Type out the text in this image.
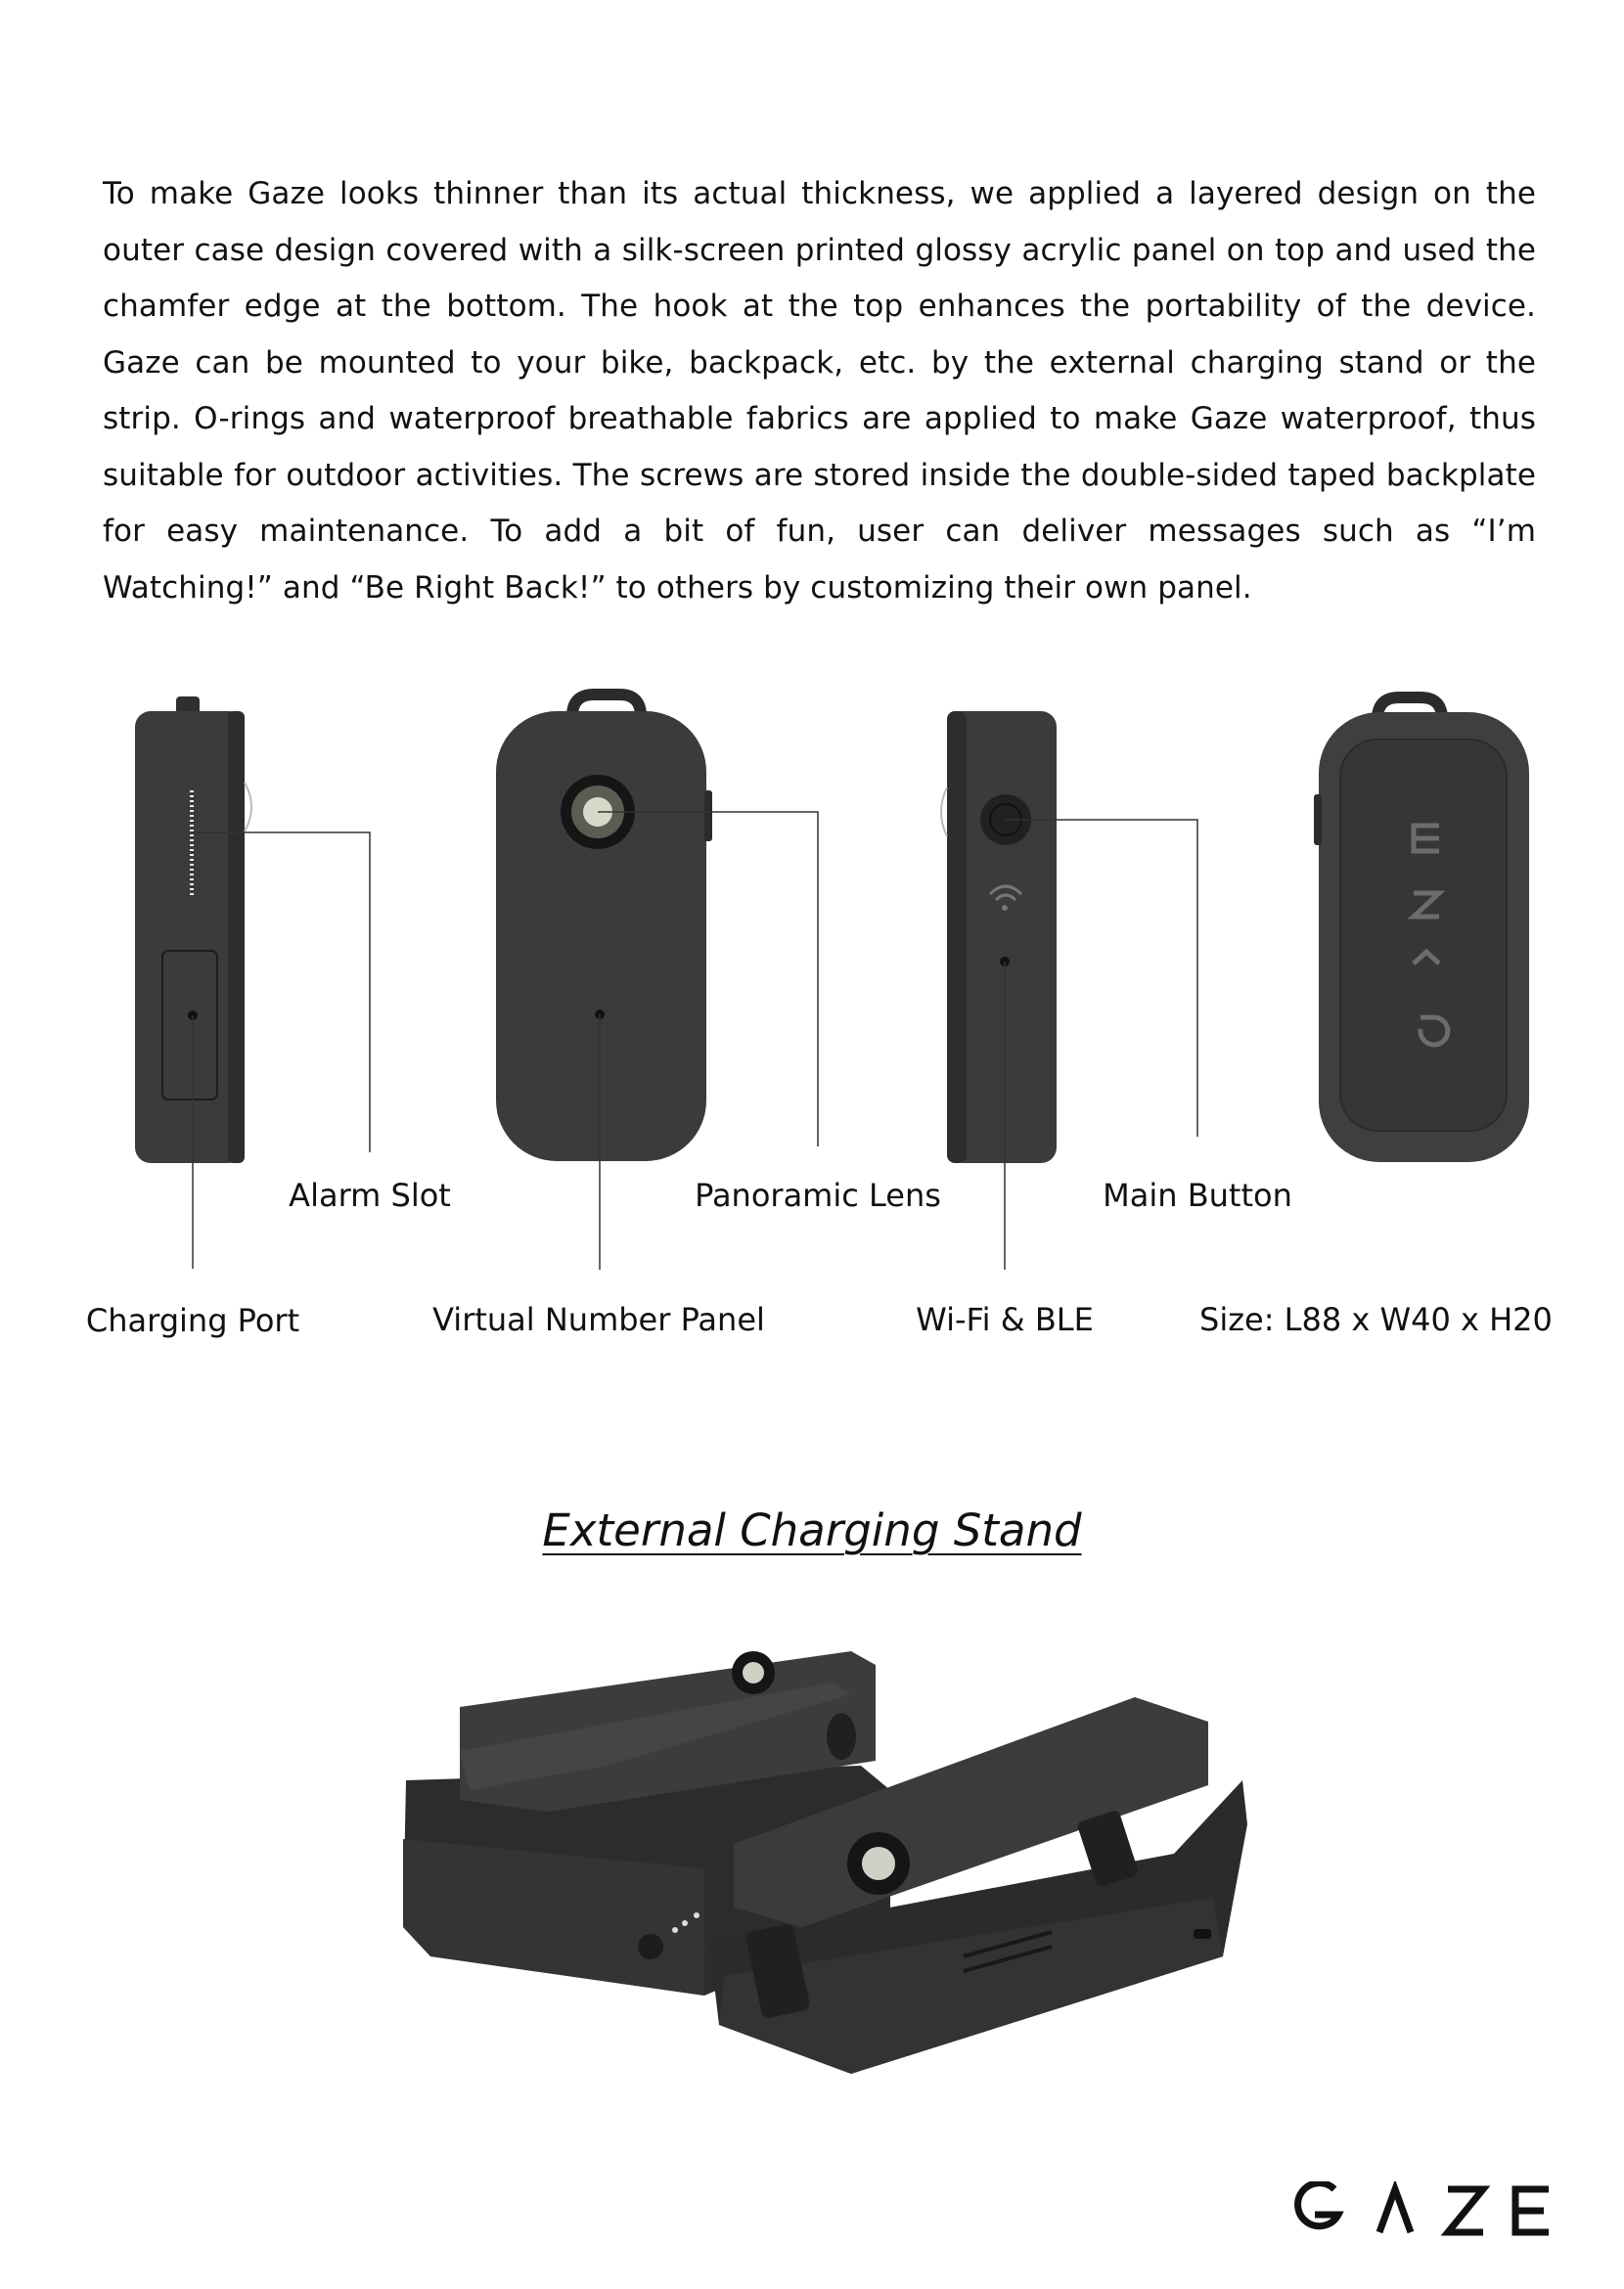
To make Gaze looks thinner than its actual thickness, we applied a layered design on the outer case design covered with a silk-screen printed glossy acrylic panel on top and used the chamfer edge at the bottom. The hook at the top enhances the portability of the device. Gaze can be mounted to your bike, backpack, etc. by the external charging stand or the strip. O-rings and waterproof breathable fabrics are applied to make Gaze waterproof, thus suitable for outdoor activities. The screws are stored inside the double-sided taped backplate for easy maintenance. To add a bit of fun, user can deliver messages such as “I’m Watching!” and “Be Right Back!” to others by customizing their own panel.

Alarm Slot	Panoramic Lens	Main Button
Charging Port	Virtual Number Panel	Wi-Fi & BLE	Size: L88 x W40 x H20
External Charging Stand
